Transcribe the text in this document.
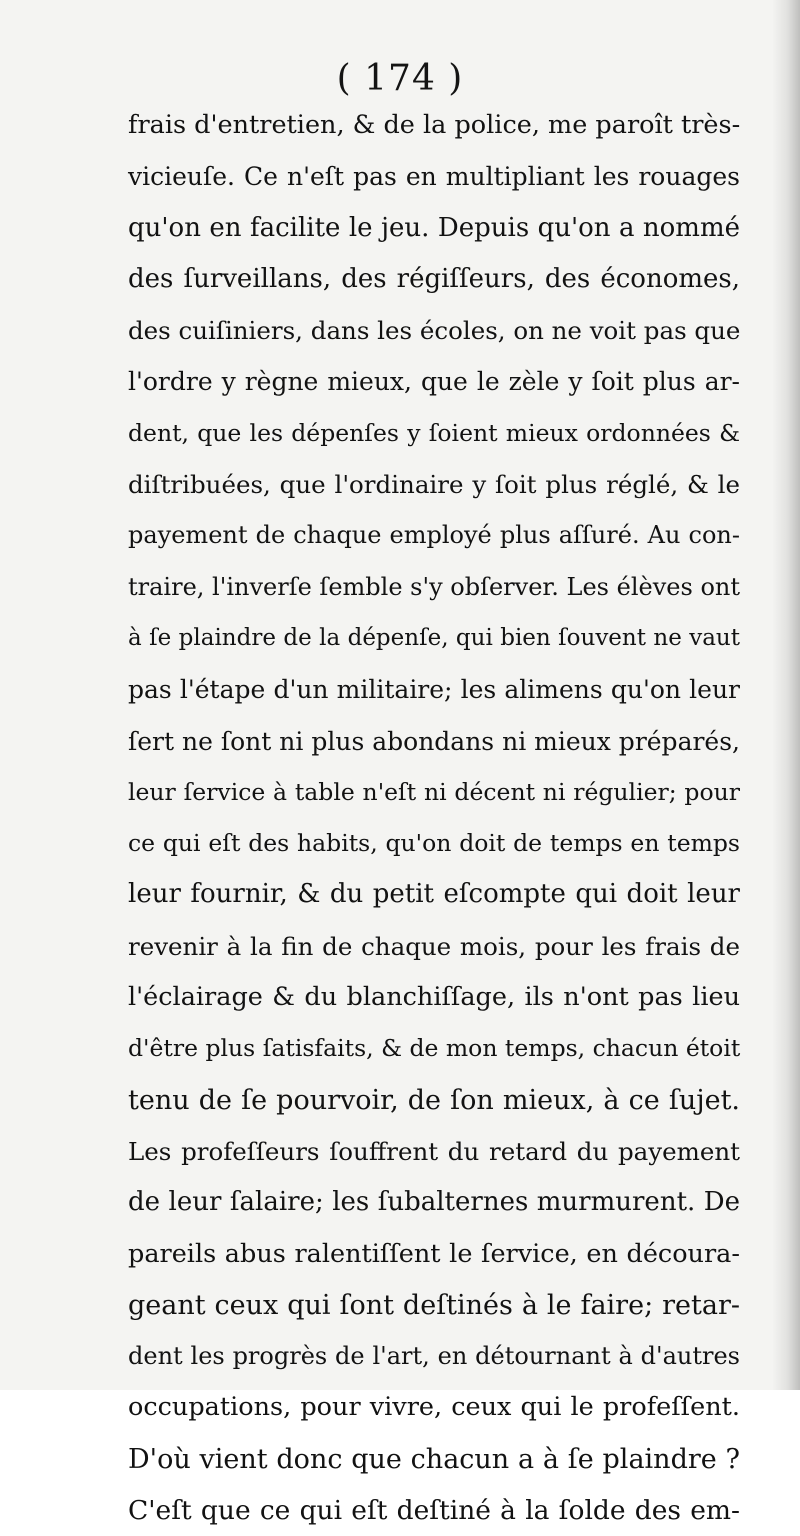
( 174 )
frais d'entretien, & de la police, me paroît très-
vicieuſe. Ce n'eſt pas en multipliant les rouages
qu'on en facilite le jeu. Depuis qu'on a nommé
des ſurveillans, des régiſſeurs, des économes,
des cuiſiniers, dans les écoles, on ne voit pas que
l'ordre y règne mieux, que le zèle y ſoit plus ar-
dent, que les dépenſes y ſoient mieux ordonnées &
diſtribuées, que l'ordinaire y ſoit plus réglé, & le
payement de chaque employé plus aſſuré. Au con-
traire, l'inverſe ſemble s'y obſerver. Les élèves ont
à ſe plaindre de la dépenſe, qui bien ſouvent ne vaut
pas l'étape d'un militaire; les alimens qu'on leur
ſert ne ſont ni plus abondans ni mieux préparés,
leur ſervice à table n'eſt ni décent ni régulier; pour
ce qui eſt des habits, qu'on doit de temps en temps
leur fournir, & du petit eſcompte qui doit leur
revenir à la fin de chaque mois, pour les frais de
l'éclairage & du blanchiſſage, ils n'ont pas lieu
d'être plus ſatisfaits, & de mon temps, chacun étoit
tenu de ſe pourvoir, de ſon mieux, à ce ſujet.
Les profeſſeurs ſouffrent du retard du payement
de leur ſalaire; les ſubalternes murmurent. De
pareils abus ralentiſſent le ſervice, en découra-
geant ceux qui ſont deſtinés à le faire; retar-
dent les progrès de l'art, en détournant à d'autres
occupations, pour vivre, ceux qui le profeſſent.
D'où vient donc que chacun a à ſe plaindre ?
C'eſt que ce qui eſt deſtiné à la ſolde des em-
